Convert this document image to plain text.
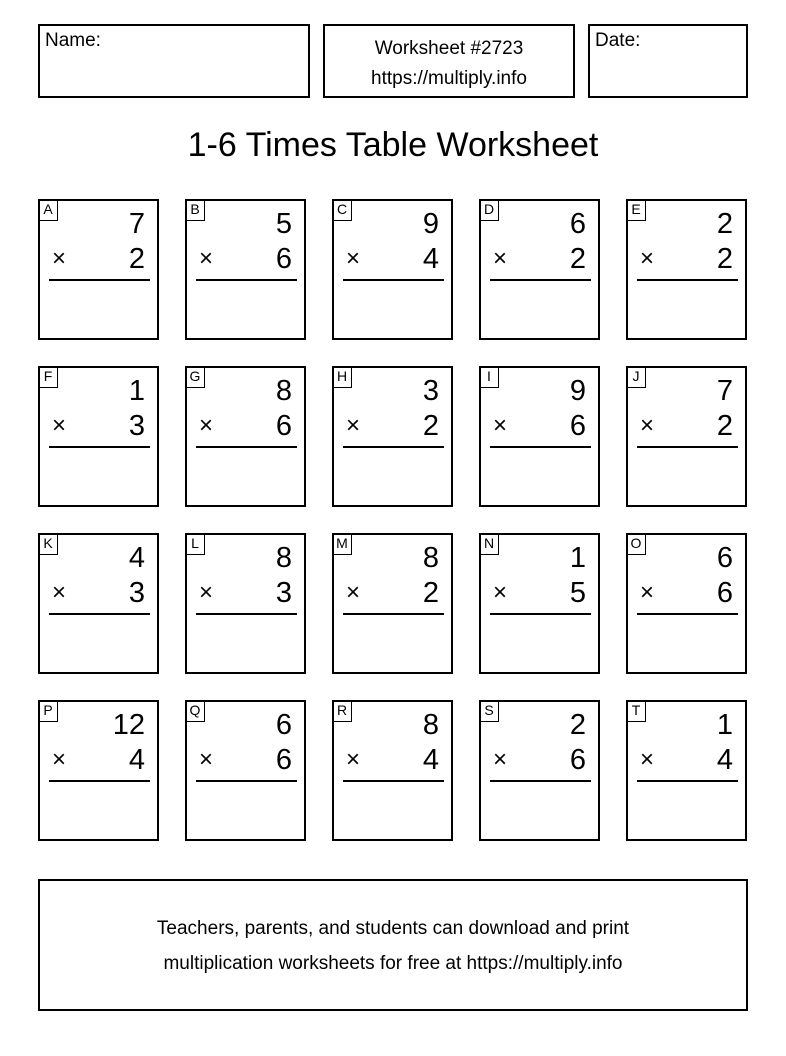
Name:	Worksheet #2723
https://multiply.info
Date:
1-6 Times Table Worksheet
A	7
× 2
B	5
× 6
C	9
× 4
D	6
× 2
E	2
× 2
F	1
× 3
G	8
× 6
H	3
× 2
I	9
× 6
J	7
× 2
K	4
× 3
L	8
× 3
M	8
× 2
N	1
× 5
O	6
× 6
P 12
× 4
Q	6
× 6
R	8
× 4
S	2
× 6
T	1
× 4
Teachers, parents, and students can download and print
multiplication worksheets for free at https://multiply.info
